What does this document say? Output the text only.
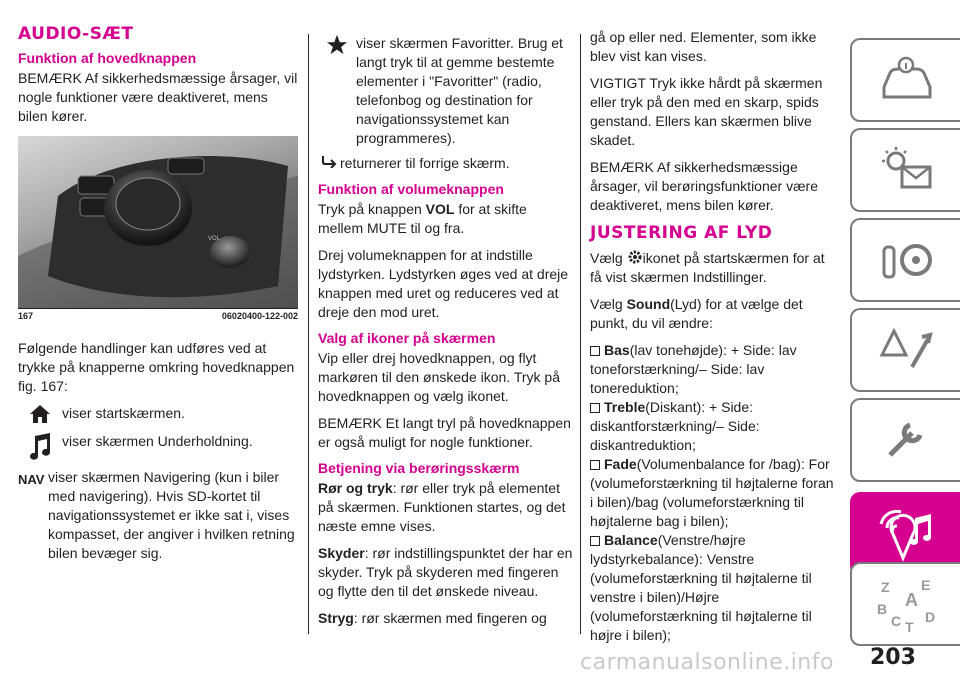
AUDIO-SÆT
Funktion af hovedknappen

BEMÆRK Af sikkerhedsmæssige årsager, vil nogle funktioner være deaktiveret, mens bilen kører.

VOL
167	06020400-122-002

Følgende handlinger kan udføres ved at trykke på knapperne omkring hovedknappen fig. 167:

viser startskærmen.

viser skærmen Underholdning.

NAV viser skærmen Navigering (kun i biler med navigering). Hvis SD-kortet til navigationssystemet er ikke sat i, vises kompasset, der angiver i hvilken retning bilen bevæger sig.

viser skærmen Favoritter. Brug et langt tryk til at gemme bestemte elementer i "Favoritter" (radio, telefonbog og destination for navigationssystemet kan programmeres).

returnerer til forrige skærm.

Funktion af volumeknappen

Tryk på knappen VOL for at skifte mellem MUTE til og fra.

Drej volumeknappen for at indstille lydstyrken. Lydstyrken øges ved at dreje knappen med uret og reduceres ved at dreje den mod uret.

Valg af ikoner på skærmen

Vip eller drej hovedknappen, og flyt markøren til den ønskede ikon. Tryk på hovedknappen og vælg ikonet.

BEMÆRK Et langt tryl på hovedknappen er også muligt for nogle funktioner.

Betjening via berøringsskærm

Rør og tryk: rør eller tryk på elementet på skærmen. Funktionen startes, og det næste emne vises.

Skyder: rør indstillingspunktet der har en skyder. Tryk på skyderen med fingeren og flytte den til det ønskede niveau.

Stryg: rør skærmen med fingeren og

gå op eller ned. Elementer, som ikke blev vist kan vises.

VIGTIGT Tryk ikke hårdt på skærmen eller tryk på den med en skarp, spids genstand. Ellers kan skærmen blive skadet.

BEMÆRK Af sikkerhedsmæssige årsager, vil berøringsfunktioner være deaktiveret, mens bilen kører.

JUSTERING AF LYD

Vælg ikonet på startskærmen for at få vist skærmen Indstillinger.

Vælg Sound(Lyd) for at vælge det punkt, du vil ændre:

Bas(lav tonehøjde): + Side: lav toneforstærkning/– Side: lav tonereduktion;

Treble(Diskant): + Side: diskantforstærkning/– Side: diskantreduktion;

Fade(Volumenbalance for /bag): For (volumeforstærkning til højtalerne foran i bilen)/bag (volumeforstærkning til højtalerne bag i bilen);

Balance(Venstre/højre lydstyrkebalance): Venstre (volumeforstærkning til højtalerne til venstre i bilen)/Højre (volumeforstærkning til højtalerne til højre i bilen);

Z E
A
B
C T
D
carmanualsonline.info 203
